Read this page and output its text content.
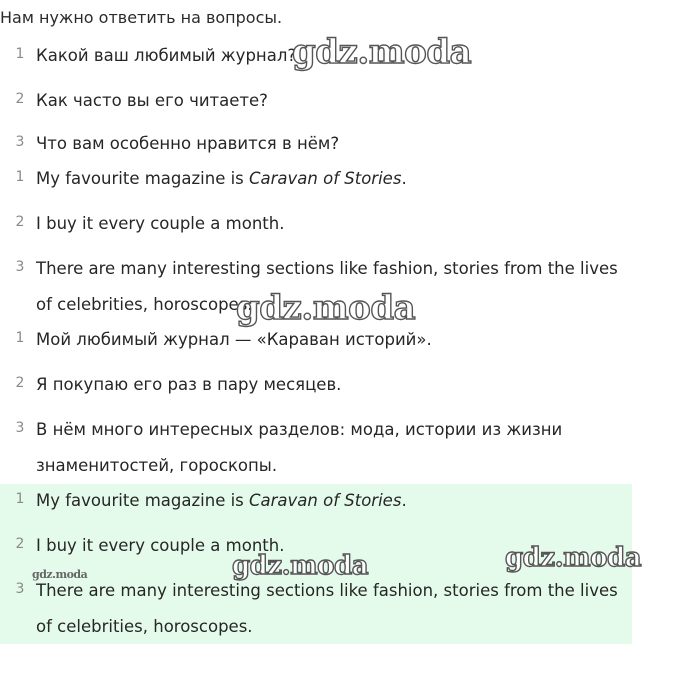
Нам нужно ответить на вопросы.
1 Какой ваш любимый журнал?
2 Как часто вы его читаете?
3 Что вам особенно нравится в нём?
1 My favourite magazine is Caravan of Stories.
2 I buy it every couple a month.
3 There are many interesting sections like fashion, stories from the lives of celebrities, horoscopes.
1 Мой любимый журнал — «Караван историй».
2 Я покупаю его раз в пару месяцев.
3 В нём много интересных разделов: мода, истории из жизни знаменитостей, гороскопы.
1 My favourite magazine is Caravan of Stories.
2 I buy it every couple a month.
3 There are many interesting sections like fashion, stories from the lives of celebrities, horoscopes.
gdz.moda
gdz.moda
gdz.moda	gdz.moda
gdz.moda
